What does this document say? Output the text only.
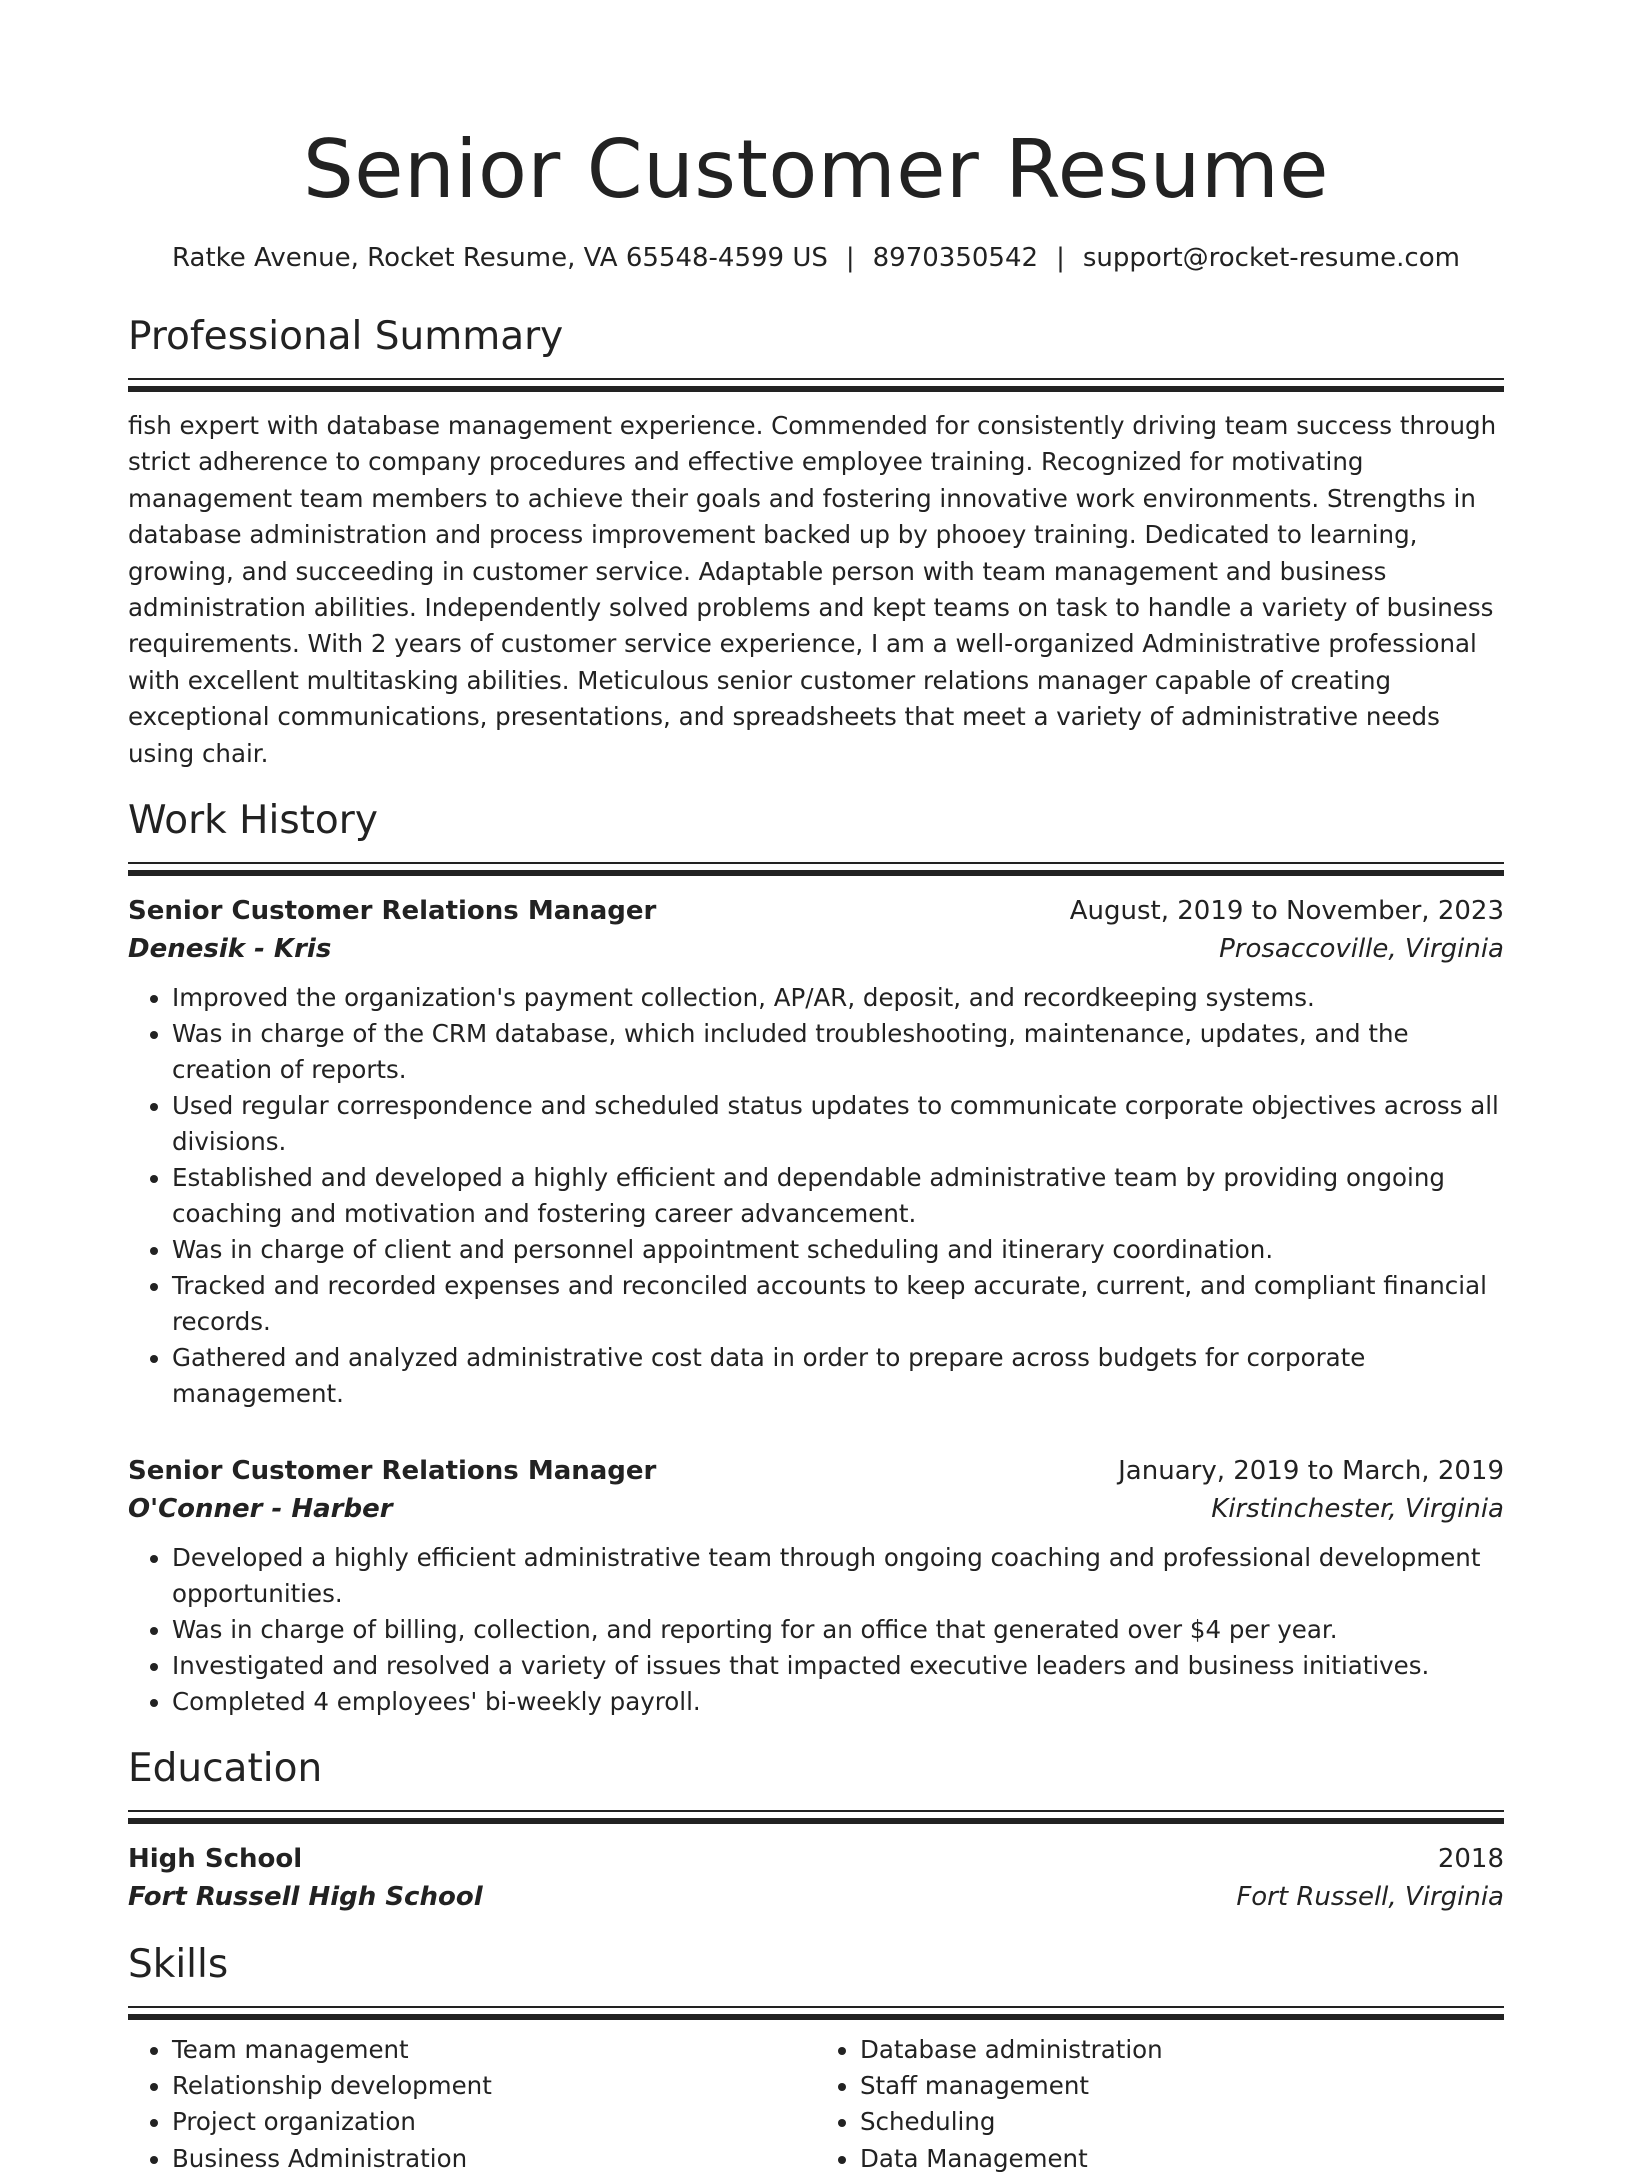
Senior Customer Resume
Ratke Avenue, Rocket Resume, VA 65548-4599 US | 8970350542 | support@rocket-resume.com
Professional Summary
fish expert with database management experience. Commended for consistently driving team success through strict adherence to company procedures and effective employee training. Recognized for motivating management team members to achieve their goals and fostering innovative work environments. Strengths in database administration and process improvement backed up by phooey training. Dedicated to learning, growing, and succeeding in customer service. Adaptable person with team management and business administration abilities. Independently solved problems and kept teams on task to handle a variety of business requirements. With 2 years of customer service experience, I am a well-organized Administrative professional with excellent multitasking abilities. Meticulous senior customer relations manager capable of creating exceptional communications, presentations, and spreadsheets that meet a variety of administrative needs using chair.
Work History
Senior Customer Relations Manager	August, 2019 to November, 2023
Denesik - Kris	Prosaccoville, Virginia
• Improved the organization's payment collection, AP/AR, deposit, and recordkeeping systems.
• Was in charge of the CRM database, which included troubleshooting, maintenance, updates, and the creation of reports.
• Used regular correspondence and scheduled status updates to communicate corporate objectives across all divisions.
• Established and developed a highly efficient and dependable administrative team by providing ongoing coaching and motivation and fostering career advancement.
• Was in charge of client and personnel appointment scheduling and itinerary coordination.
• Tracked and recorded expenses and reconciled accounts to keep accurate, current, and compliant financial records.
• Gathered and analyzed administrative cost data in order to prepare across budgets for corporate management.
Senior Customer Relations Manager	January, 2019 to March, 2019
O'Conner - Harber	Kirstinchester, Virginia
• Developed a highly efficient administrative team through ongoing coaching and professional development opportunities.
• Was in charge of billing, collection, and reporting for an office that generated over $4 per year.
• Investigated and resolved a variety of issues that impacted executive leaders and business initiatives.
• Completed 4 employees' bi-weekly payroll.
Education
High School	2018
Fort Russell High School	Fort Russell, Virginia
Skills
• Team management
• Relationship development
• Project organization
• Business Administration
• Database administration
• Staff management
• Scheduling
• Data Management
